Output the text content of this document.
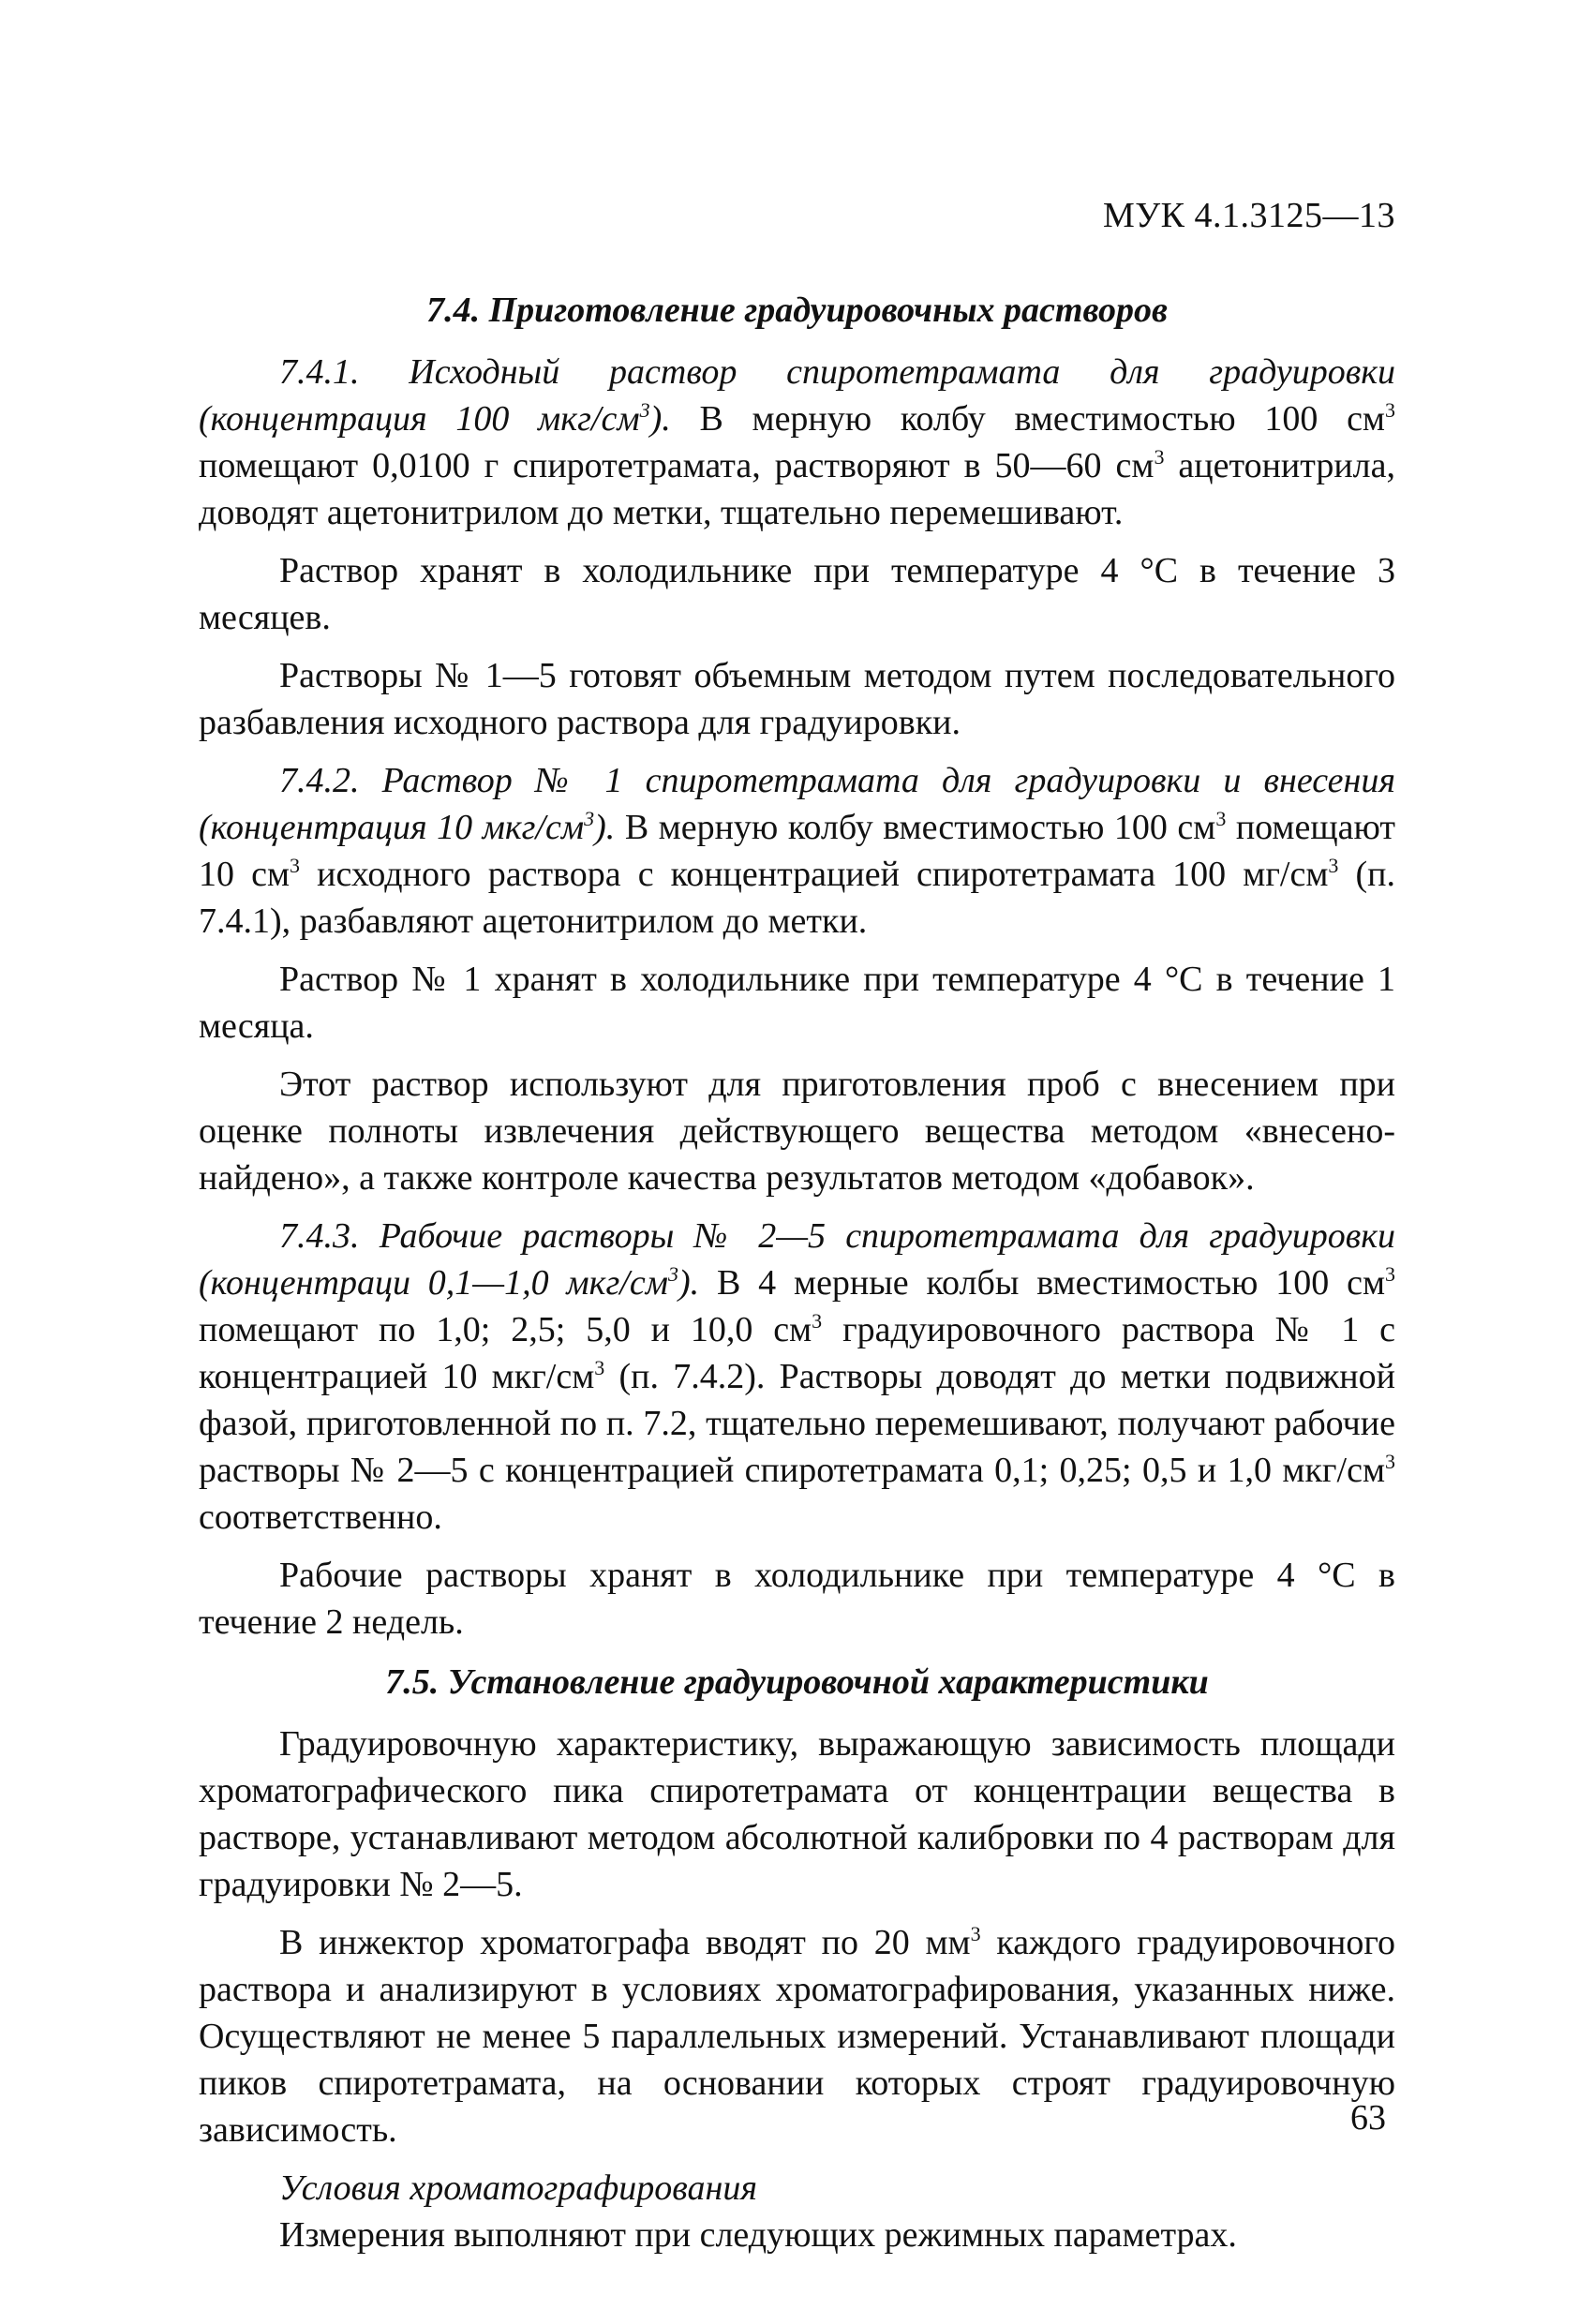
МУК 4.1.3125—13

7.4. Приготовление градуировочных растворов

7.4.1. Исходный раствор спиротетрамата для градуировки (концентрация 100 мкг/$см^3$). В мерную колбу вместимостью 100 $см^3$ помещают 0,0100 г спиротетрамата, растворяют в 50—60 $см^3$ ацетонитрила, доводят ацетонитрилом до метки, тщательно перемешивают.

Раствор хранят в холодильнике при температуре 4 °C в течение 3 месяцев.

Растворы № 1—5 готовят объемным методом путем последовательного разбавления исходного раствора для градуировки.

7.4.2. Раствор № 1 спиротетрамата для градуировки и внесения (концентрация 10 мкг/$см^3$). В мерную колбу вместимостью 100 $см^3$ помещают 10 $см^3$ исходного раствора с концентрацией спиротетрамата 100 $мг/см^3$ (п. 7.4.1), разбавляют ацетонитрилом до метки.

Раствор № 1 хранят в холодильнике при температуре 4 °C в течение 1 месяца.

Этот раствор используют для приготовления проб с внесением при оценке полноты извлечения действующего вещества методом «внесено-найдено», а также контроле качества результатов методом «добавок».

7.4.3. Рабочие растворы № 2—5 спиротетрамата для градуировки (концентраци 0,1—1,0 мкг/$см^3$). В 4 мерные колбы вместимостью 100 $см^3$ помещают по 1,0; 2,5; 5,0 и 10,0 $см^3$ градуировочного раствора № 1 с концентрацией 10 мкг/$см^3$ (п. 7.4.2). Растворы доводят до метки подвижной фазой, приготовленной по п. 7.2, тщательно перемешивают, получают рабочие растворы № 2—5 с концентрацией спиротетрамата 0,1; 0,25; 0,5 и 1,0 мкг/$см^3$ соответственно.

Рабочие растворы хранят в холодильнике при температуре 4 °C в течение 2 недель.

7.5. Установление градуировочной характеристики

Градуировочную характеристику, выражающую зависимость площади хроматографического пика спиротетрамата от концентрации вещества в растворе, устанавливают методом абсолютной калибровки по 4 растворам для градуировки № 2—5.

В инжектор хроматографа вводят по 20 $мм^3$ каждого градуировочного раствора и анализируют в условиях хроматографирования, указанных ниже. Осуществляют не менее 5 параллельных измерений. Устанавливают площади пиков спиротетрамата, на основании которых строят градуировочную зависимость.

Условия хроматографирования

Измерения выполняют при следующих режимных параметрах.

63
